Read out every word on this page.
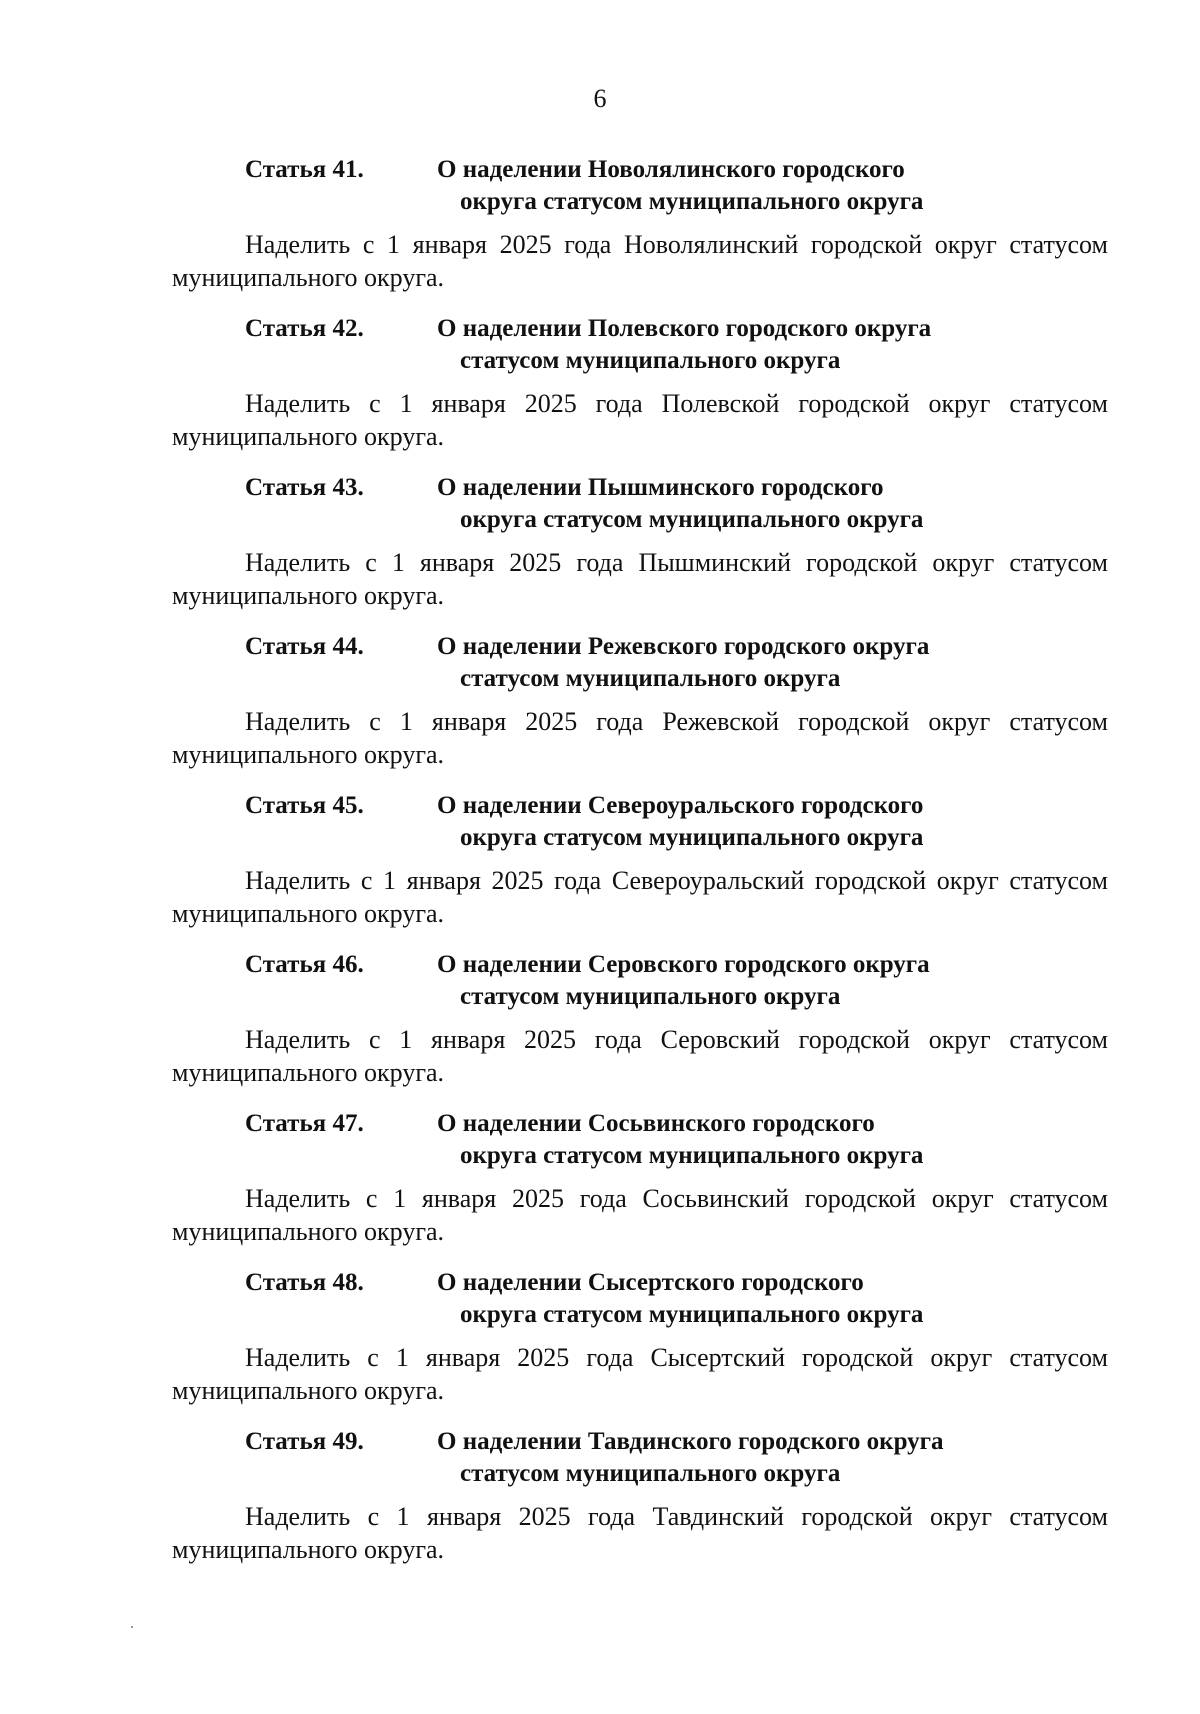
6
Статья 41.	О наделении Новолялинского городского
округа статусом муниципального округа
Наделить с 1 января 2025 года Новолялинский городской округ статусом муниципального округа.
Статья 42.	О наделении Полевского городского округа
статусом муниципального округа
Наделить с 1 января 2025 года Полевской городской округ статусом муниципального округа.
Статья 43.	О наделении Пышминского городского
округа статусом муниципального округа
Наделить с 1 января 2025 года Пышминский городской округ статусом муниципального округа.
Статья 44.	О наделении Режевского городского округа
статусом муниципального округа
Наделить с 1 января 2025 года Режевской городской округ статусом муниципального округа.
Статья 45.	О наделении Североуральского городского
округа статусом муниципального округа
Наделить с 1 января 2025 года Североуральский городской округ статусом муниципального округа.
Статья 46.	О наделении Серовского городского округа
статусом муниципального округа
Наделить с 1 января 2025 года Серовский городской округ статусом муниципального округа.
Статья 47.	О наделении Сосьвинского городского
округа статусом муниципального округа
Наделить с 1 января 2025 года Сосьвинский городской округ статусом муниципального округа.
Статья 48.	О наделении Сысертского городского
округа статусом муниципального округа
Наделить с 1 января 2025 года Сысертский городской округ статусом муниципального округа.
Статья 49.	О наделении Тавдинского городского округа
статусом муниципального округа
Наделить с 1 января 2025 года Тавдинский городской округ статусом муниципального округа.
